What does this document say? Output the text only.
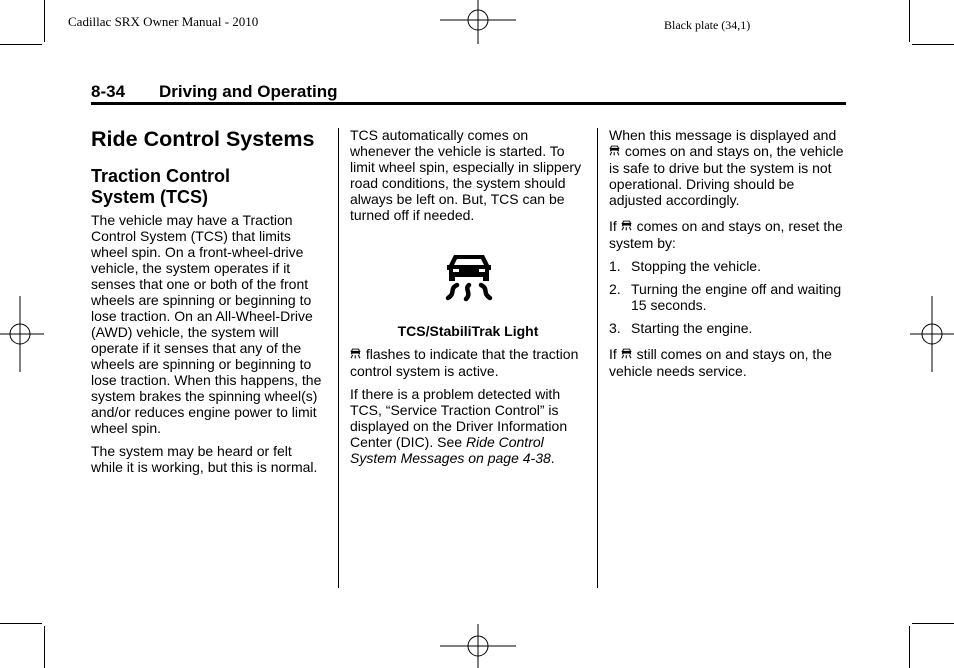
Cadillac SRX Owner Manual - 2010	Black plate (34,1)
8-34 Driving and Operating
Ride Control Systems
Traction Control System (TCS)

The vehicle may have a Traction Control System (TCS) that limits wheel spin. On a front-wheel-drive vehicle, the system operates if it senses that one or both of the front wheels are spinning or beginning to lose traction. On an All-Wheel-Drive (AWD) vehicle, the system will operate if it senses that any of the wheels are spinning or beginning to lose traction. When this happens, the system brakes the spinning wheel(s) and/or reduces engine power to limit wheel spin.

The system may be heard or felt while it is working, but this is normal.

TCS automatically comes on whenever the vehicle is started. To limit wheel spin, especially in slippery road conditions, the system should always be left on. But, TCS can be turned off if needed.

TCS/StabiliTrak Light

flashes to indicate that the traction control system is active.

If there is a problem detected with TCS, “Service Traction Control” is displayed on the Driver Information Center (DIC). See Ride Control System Messages on page 4-38.

When this message is displayed and  comes on and stays on, the vehicle is safe to drive but the system is not operational. Driving should be adjusted accordingly.

If comes on and stays on, reset the system by:

1. Stopping the vehicle.
2. Turning the engine off and waiting 15 seconds.
3. Starting the engine.

If still comes on and stays on, the vehicle needs service.
